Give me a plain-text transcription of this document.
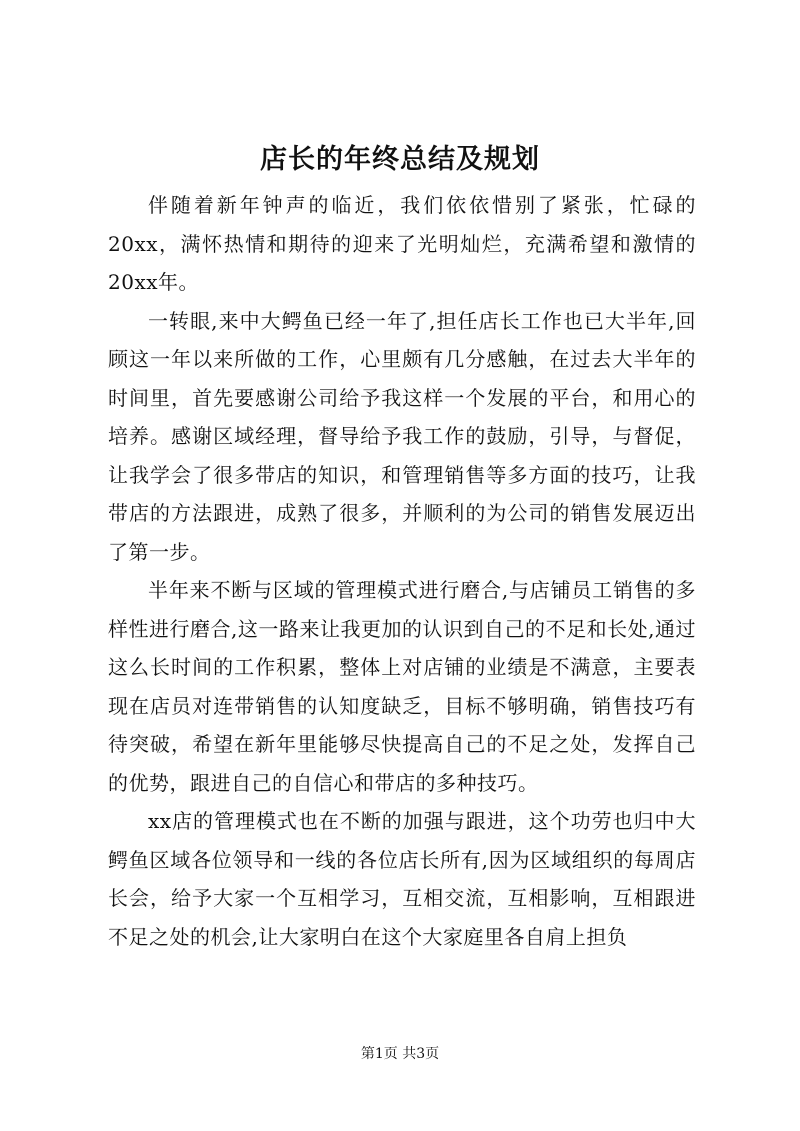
店长的年终总结及规划

伴随着新年钟声的临近，我们依依惜别了紧张，忙碌的20xx，满怀热情和期待的迎来了光明灿烂，充满希望和激情的20xx年。

一转眼,来中大鳄鱼已经一年了,担任店长工作也已大半年,回顾这一年以来所做的工作，心里颇有几分感触，在过去大半年的时间里，首先要感谢公司给予我这样一个发展的平台，和用心的培养。感谢区域经理，督导给予我工作的鼓励，引导，与督促，让我学会了很多带店的知识，和管理销售等多方面的技巧，让我带店的方法跟进，成熟了很多，并顺利的为公司的销售发展迈出了第一步。

半年来不断与区域的管理模式进行磨合,与店铺员工销售的多样性进行磨合,这一路来让我更加的认识到自己的不足和长处,通过这么长时间的工作积累，整体上对店铺的业绩是不满意，主要表现在店员对连带销售的认知度缺乏，目标不够明确，销售技巧有待突破，希望在新年里能够尽快提高自己的不足之处，发挥自己的优势，跟进自己的自信心和带店的多种技巧。

xx店的管理模式也在不断的加强与跟进，这个功劳也归中大鳄鱼区域各位领导和一线的各位店长所有,因为区域组织的每周店长会，给予大家一个互相学习，互相交流，互相影响，互相跟进不足之处的机会,让大家明白在这个大家庭里各自肩上担负

第1页 共3页
